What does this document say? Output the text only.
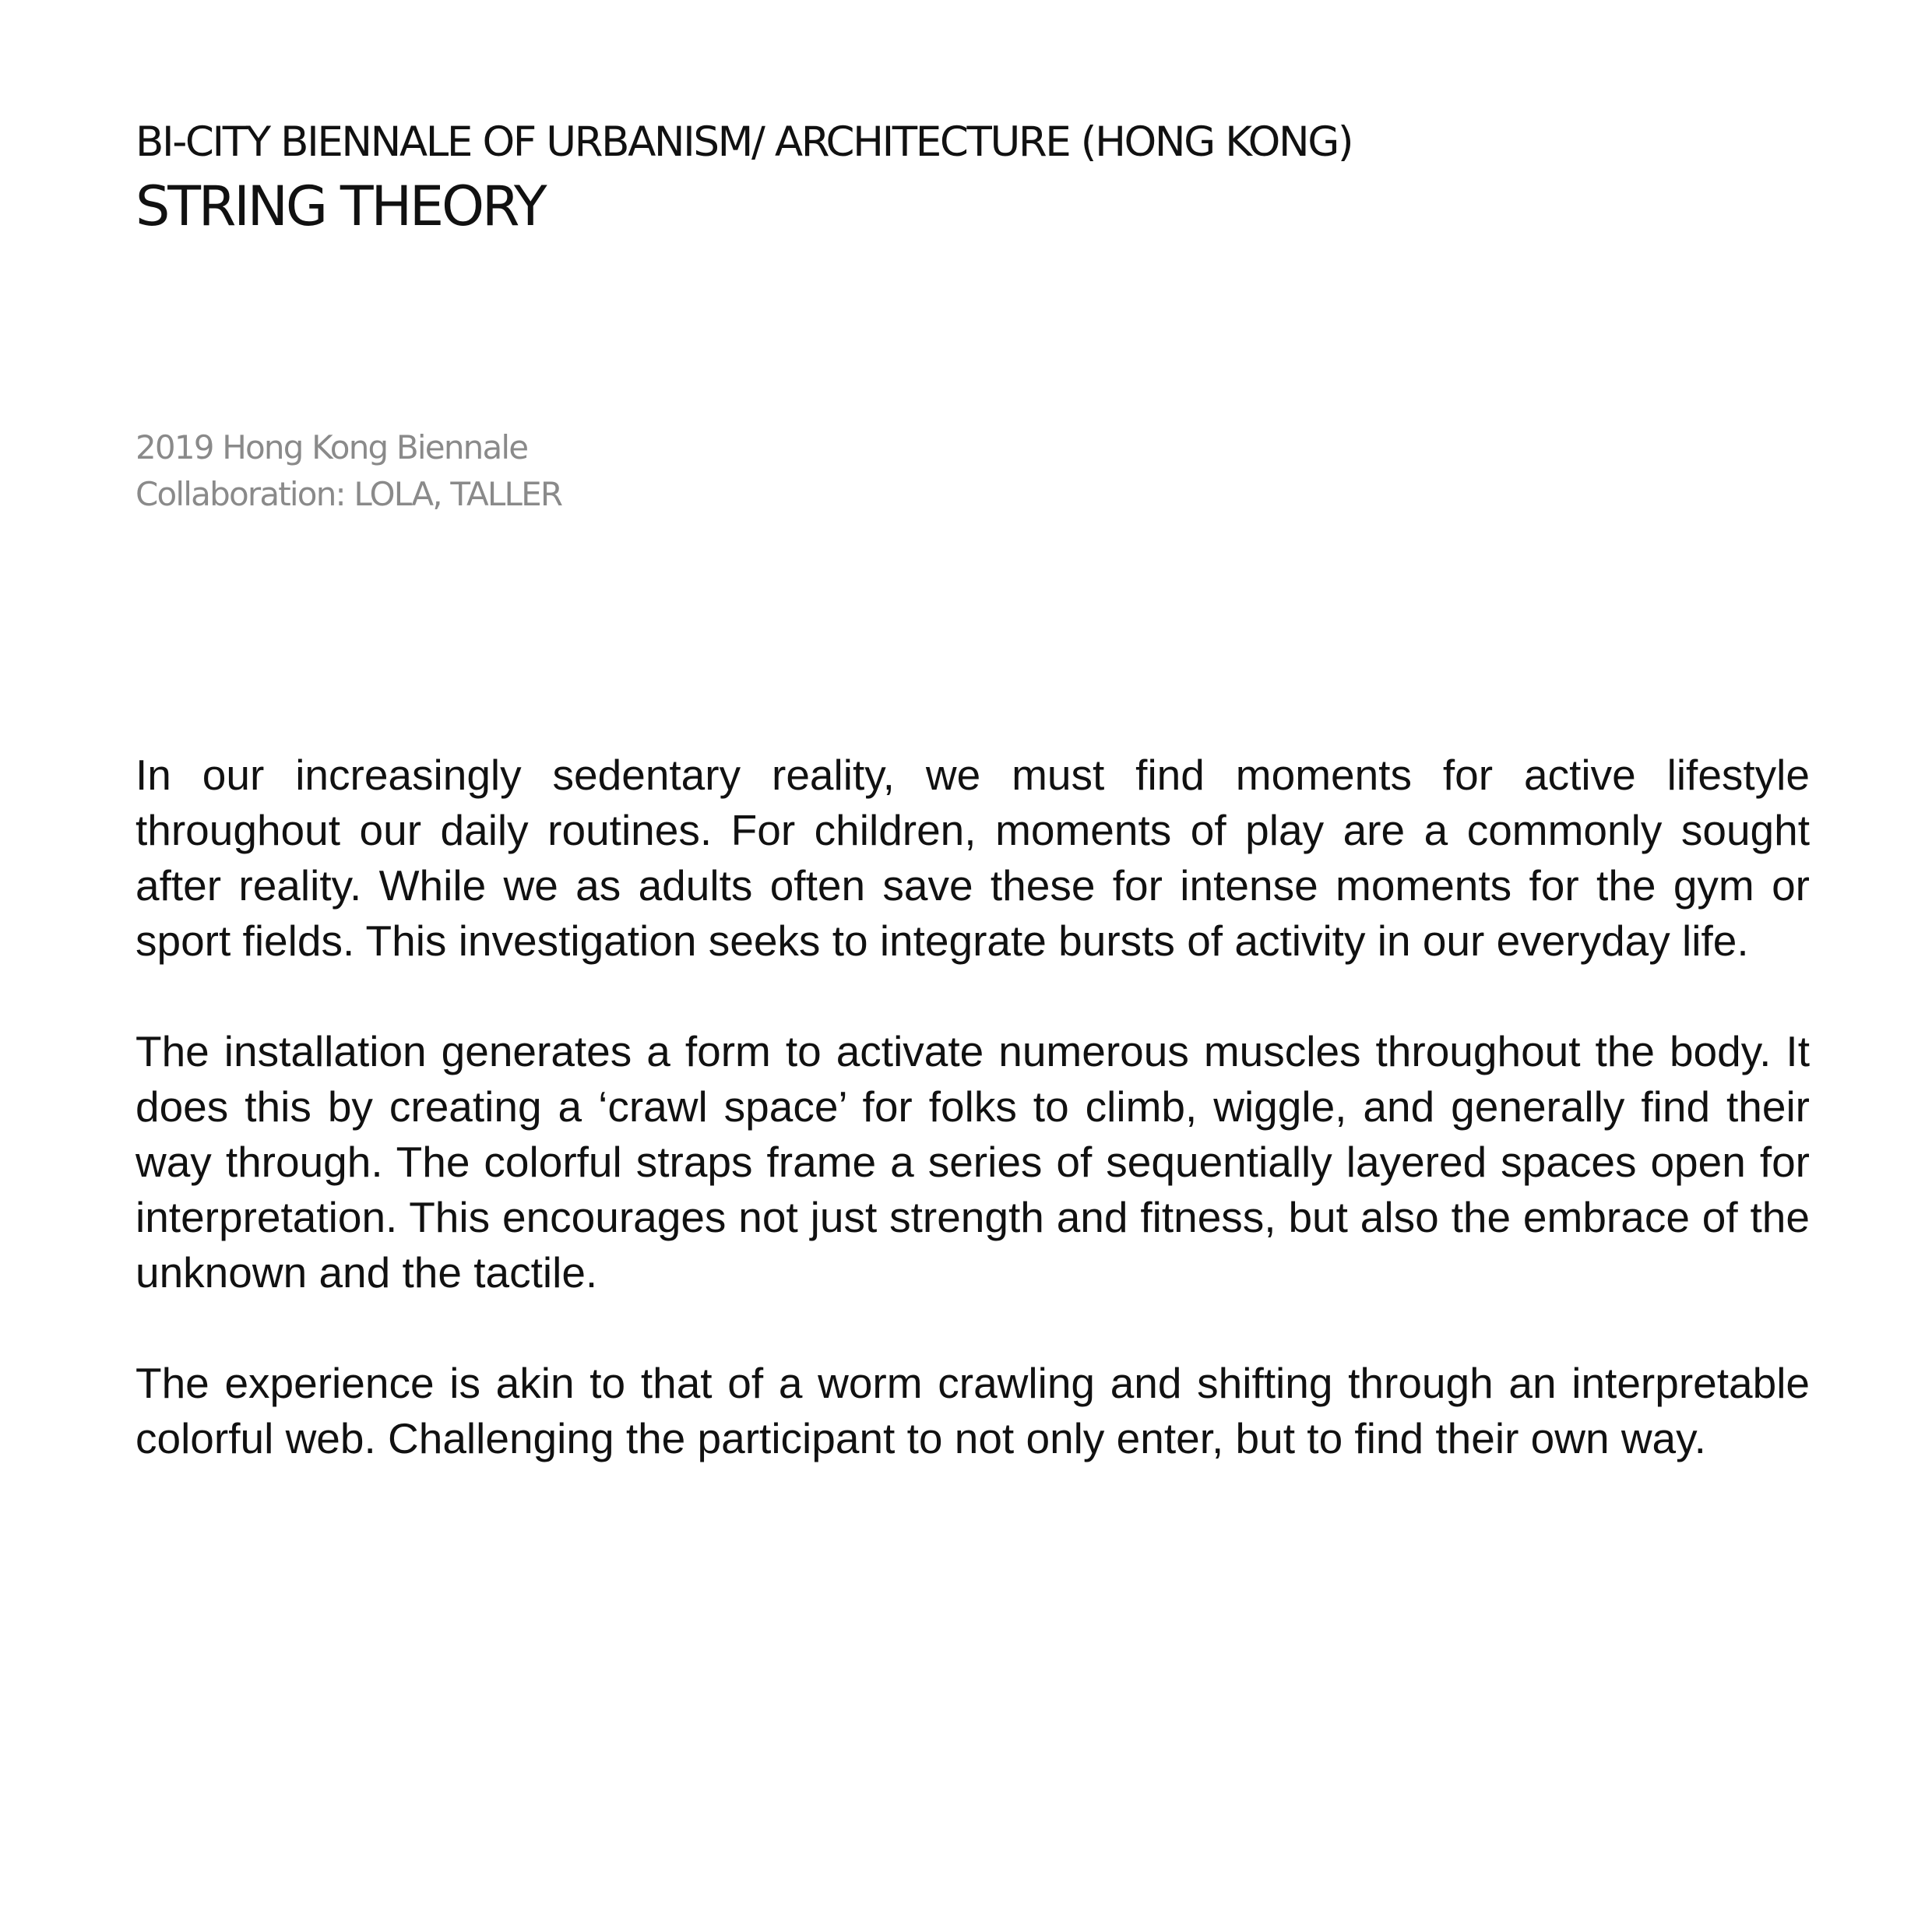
BI-CITY BIENNALE OF URBANISM/ ARCHITECTURE (HONG KONG)
STRING THEORY

2019 Hong Kong Biennale

Collaboration: LOLA, TALLER

In our increasingly sedentary reality, we must find moments for active lifestyle throughout our daily routines. For children, moments of play are a commonly sought after reality. While we as adults often save these for intense moments for the gym or sport fields. This investigation seeks to integrate bursts of activity in our everyday life.

The installation generates a form to activate numerous muscles throughout the body. It does this by creating a ‘crawl space’ for folks to climb, wiggle, and generally find their way through. The colorful straps frame a series of sequentially layered spaces open for interpretation. This encourages not just strength and fitness, but also the embrace of the unknown and the tactile.

The experience is akin to that of a worm crawling and shifting through an interpretable colorful web. Challenging the participant to not only enter, but to find their own way.
